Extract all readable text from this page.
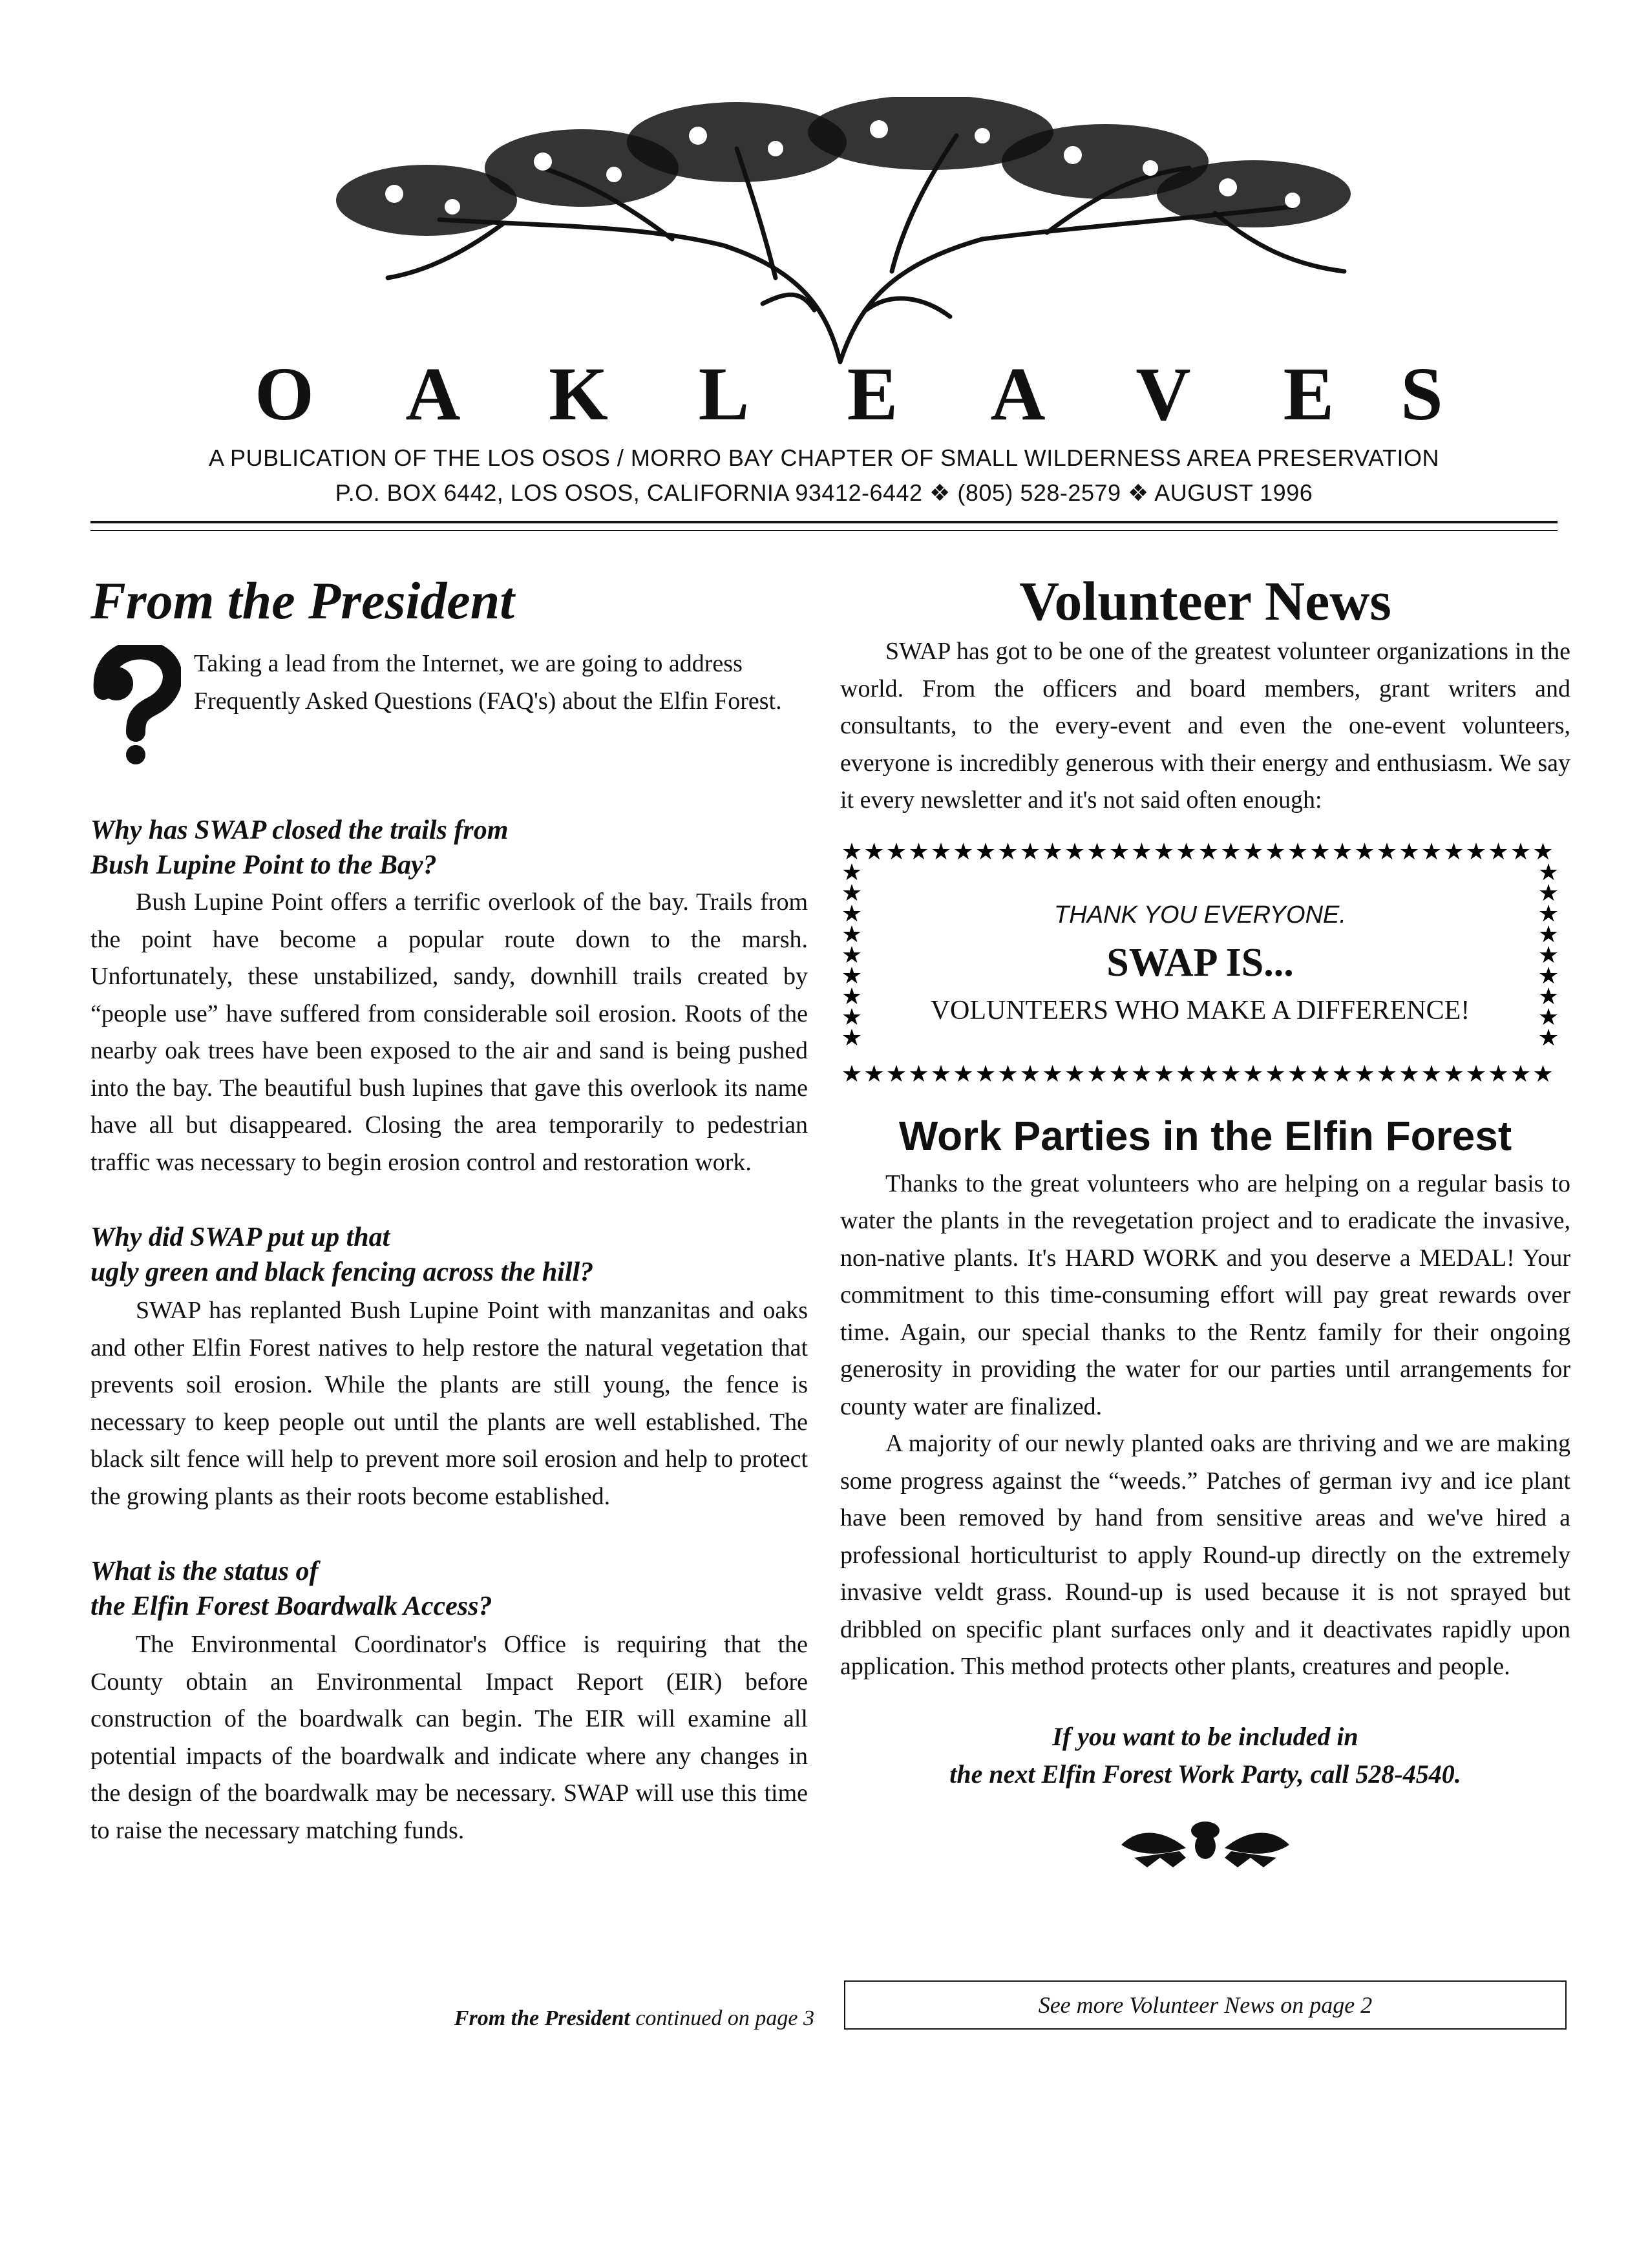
O A K	L	E	A V	E S
A PUBLICATION OF THE LOS OSOS / MORRO BAY CHAPTER OF SMALL WILDERNESS AREA PRESERVATION
P.O. BOX 6442, LOS OSOS, CALIFORNIA 93412-6442 ❖ (805) 528-2579 ❖ AUGUST 1996
From the President
Taking a lead from the Internet, we are going to address Frequently Asked Questions (FAQ's) about the Elfin Forest.
Why has SWAP closed the trails from
Bush Lupine Point to the Bay?

Bush Lupine Point offers a terrific overlook of the bay. Trails from the point have become a popular route down to the marsh. Unfortunately, these unstabilized, sandy, downhill trails created by “people use” have suffered from considerable soil erosion. Roots of the nearby oak trees have been exposed to the air and sand is being pushed into the bay. The beautiful bush lupines that gave this overlook its name have all but disappeared. Closing the area temporarily to pedestrian traffic was necessary to begin erosion control and restoration work.

Why did SWAP put up that
ugly green and black fencing across the hill?

SWAP has replanted Bush Lupine Point with manzanitas and oaks and other Elfin Forest natives to help restore the natural vegetation that prevents soil erosion. While the plants are still young, the fence is necessary to keep people out until the plants are well established. The black silt fence will help to prevent more soil erosion and help to protect the growing plants as their roots become established.

What is the status of
the Elfin Forest Boardwalk Access?

The Environmental Coordinator's Office is requiring that the County obtain an Environmental Impact Report (EIR) before construction of the boardwalk can begin. The EIR will examine all potential impacts of the boardwalk and indicate where any changes in the design of the boardwalk may be necessary. SWAP will use this time to raise the necessary matching funds.

From the President continued on page 3
Volunteer News

SWAP has got to be one of the greatest volunteer organizations in the world. From the officers and board members, grant writers and consultants, to the every-event and even the one-event volunteers, everyone is incredibly generous with their energy and enthusiasm. We say it every newsletter and it's not said often enough:

★
★
★
★
★
★
★
★
★
★
★
★
★
★
★
★
★
★
★
★
★
★
★
★
★
★
★
★
★
★
★
★
★
★
★
★
★
★
★
★
★
★
★
★
★
★
★
★
★
★
★
★
★
★
★
★
★
★
★
★
★
★
★
★
★	★
★	★
★	★
★	★
★	★
★	★
★	★
★	★
★	★
THANK YOU EVERYONE.
SWAP IS...
VOLUNTEERS WHO MAKE A DIFFERENCE!
Work Parties in the Elfin Forest

Thanks to the great volunteers who are helping on a regular basis to water the plants in the revegetation project and to eradicate the invasive, non-native plants. It's HARD WORK and you deserve a MEDAL! Your commitment to this time-consuming effort will pay great rewards over time. Again, our special thanks to the Rentz family for their ongoing generosity in providing the water for our parties until arrangements for county water are finalized.

A majority of our newly planted oaks are thriving and we are making some progress against the “weeds.” Patches of german ivy and ice plant have been removed by hand from sensitive areas and we've hired a professional horticulturist to apply Round-up directly on the extremely invasive veldt grass. Round-up is used because it is not sprayed but dribbled on specific plant surfaces only and it deactivates rapidly upon application. This method protects other plants, creatures and people.

If you want to be included in
the next Elfin Forest Work Party, call 528-4540.
See more Volunteer News on page 2
